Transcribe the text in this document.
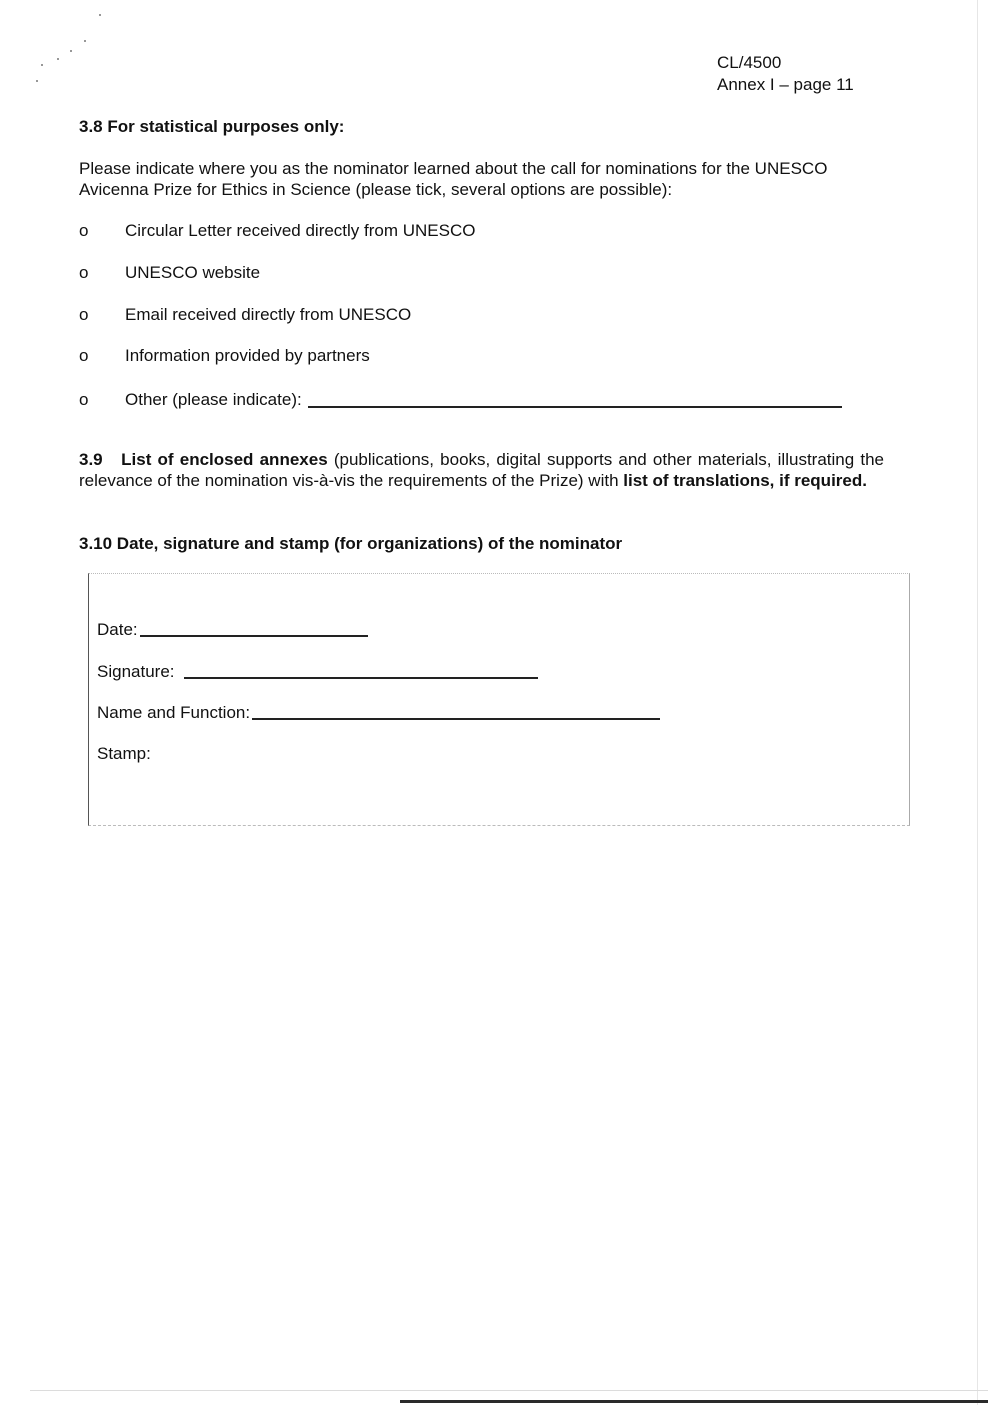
CL/4500
Annex I – page 11
3.8 For statistical purposes only:
Please indicate where you as the nominator learned about the call for nominations for the UNESCO Avicenna Prize for Ethics in Science (please tick, several options are possible):
o	Circular Letter received directly from UNESCO
o	UNESCO website
o	Email received directly from UNESCO
o	Information provided by partners
o	Other (please indicate):
3.9 List of enclosed annexes (publications, books, digital supports and other materials, illustrating the relevance of the nomination vis-à-vis the requirements of the Prize) with list of translations, if required.
3.10 Date, signature and stamp (for organizations) of the nominator
Date:
Signature:
Name and Function:
Stamp:
